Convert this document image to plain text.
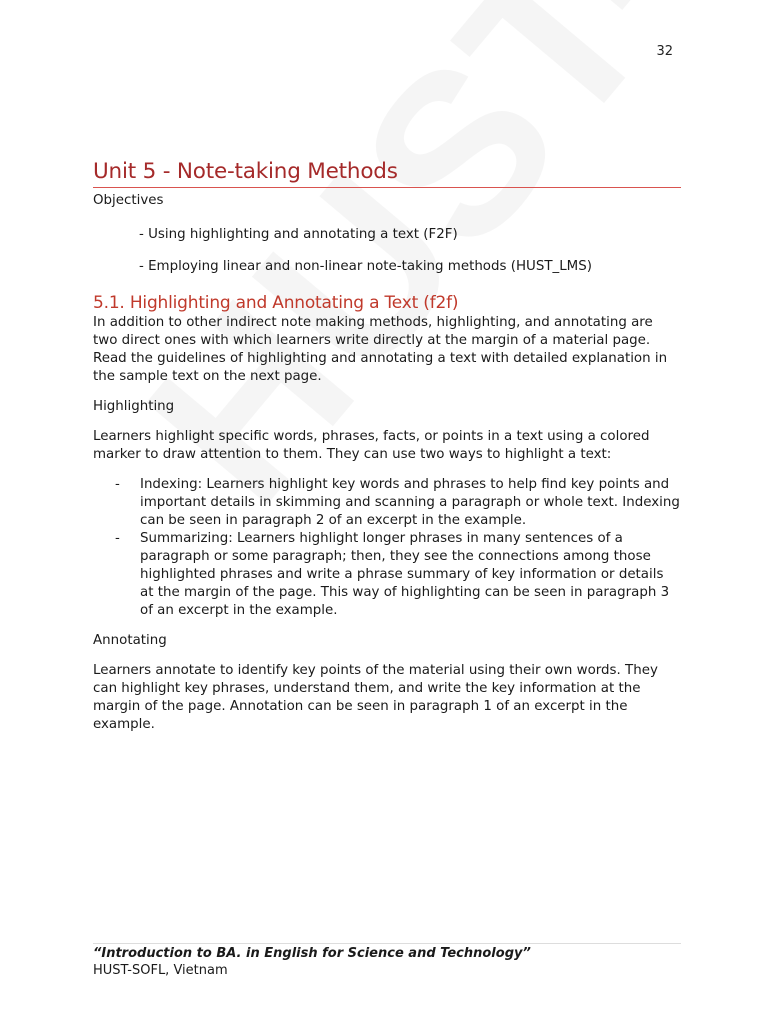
32
Unit 5 - Note-taking Methods

Objectives

- Using highlighting and annotating a text (F2F)

- Employing linear and non-linear note-taking methods (HUST_LMS)

5.1. Highlighting and Annotating a Text (f2f)

In addition to other indirect note making methods, highlighting, and annotating are two direct ones with which learners write directly at the margin of a material page. Read the guidelines of highlighting and annotating a text with detailed explanation in the sample text on the next page.

Highlighting

Learners highlight specific words, phrases, facts, or points in a text using a colored marker to draw attention to them. They can use two ways to highlight a text:

- Indexing: Learners highlight key words and phrases to help find key points and important details in skimming and scanning a paragraph or whole text. Indexing can be seen in paragraph 2 of an excerpt in the example.
- Summarizing: Learners highlight longer phrases in many sentences of a paragraph or some paragraph; then, they see the connections among those highlighted phrases and write a phrase summary of key information or details at the margin of the page. This way of highlighting can be seen in paragraph 3 of an excerpt in the example.

Annotating

Learners annotate to identify key points of the material using their own words. They can highlight key phrases, understand them, and write the key information at the margin of the page. Annotation can be seen in paragraph 1 of an excerpt in the example.

“Introduction to BA. in English for Science and Technology”
HUST-SOFL, Vietnam
